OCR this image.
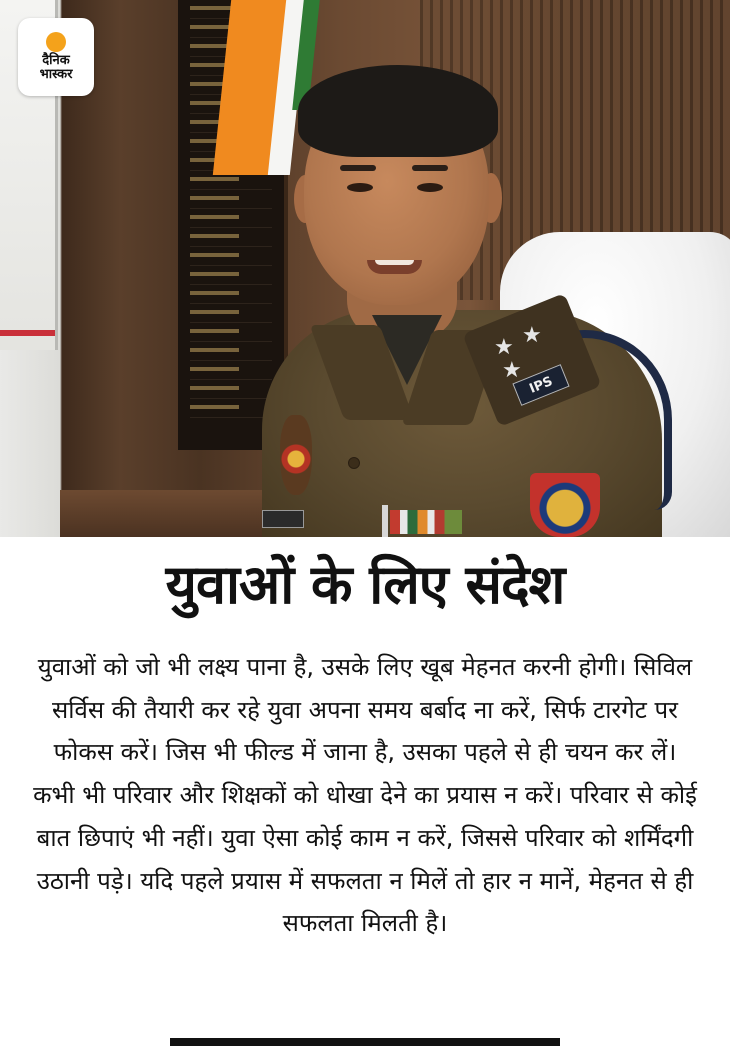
★ ★
★
IPS
दैनिक
भास्कर
युवाओं के लिए संदेश
युवाओं को जो भी लक्ष्य पाना है, उसके लिए खूब मेहनत करनी होगी। सिविल सर्विस की तैयारी कर रहे युवा अपना समय बर्बाद ना करें, सिर्फ टारगेट पर फोकस करें। जिस भी फील्ड में जाना है, उसका पहले से ही चयन कर लें। कभी भी परिवार और शिक्षकों को धोखा देने का प्रयास न करें। परिवार से कोई बात छिपाएं भी नहीं। युवा ऐसा कोई काम न करें, जिससे परिवार को शर्मिंदगी उठानी पड़े। यदि पहले प्रयास में सफलता न मिलें तो हार न मानें, मेहनत से ही सफलता मिलती है।
